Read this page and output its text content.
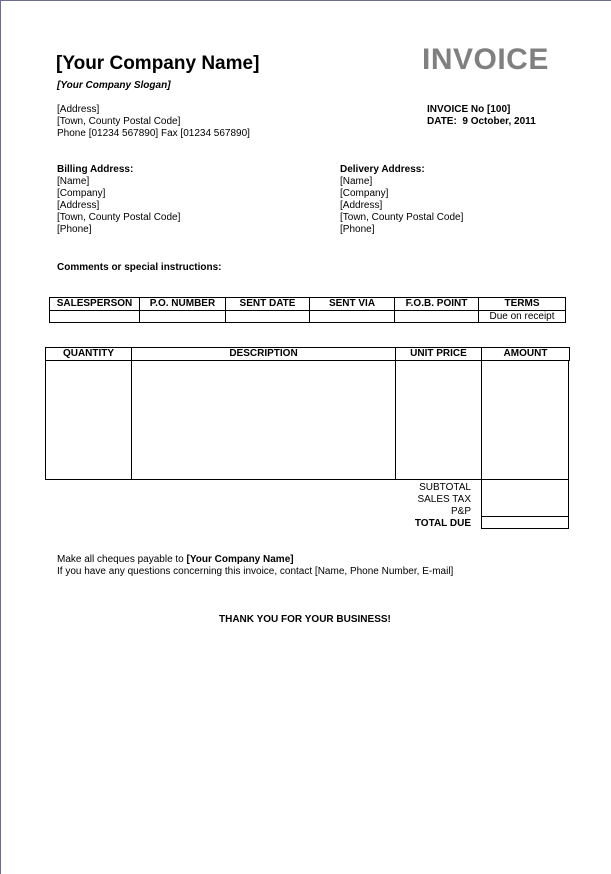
[Your Company Name]
[Your Company Slogan]
INVOICE
[Address]
[Town, County Postal Code]
Phone [01234 567890] Fax [01234 567890]
INVOICE No [100]
DATE: 9 October, 2011
Billing Address:
[Name]
[Company]
[Address]
[Town, County Postal Code]
[Phone]
Delivery Address:
[Name]
[Company]
[Address]
[Town, County Postal Code]
[Phone]
Comments or special instructions:
SALESPERSON	P.O. NUMBER	SENT DATE	SENT VIA	F.O.B. POINT	TERMS
					Due on receipt
QUANTITY	DESCRIPTION	UNIT PRICE	AMOUNT
SUBTOTAL
SALES TAX
P&P
TOTAL DUE
Make all cheques payable to [Your Company Name]
If you have any questions concerning this invoice, contact [Name, Phone Number, E-mail]
THANK YOU FOR YOUR BUSINESS!
